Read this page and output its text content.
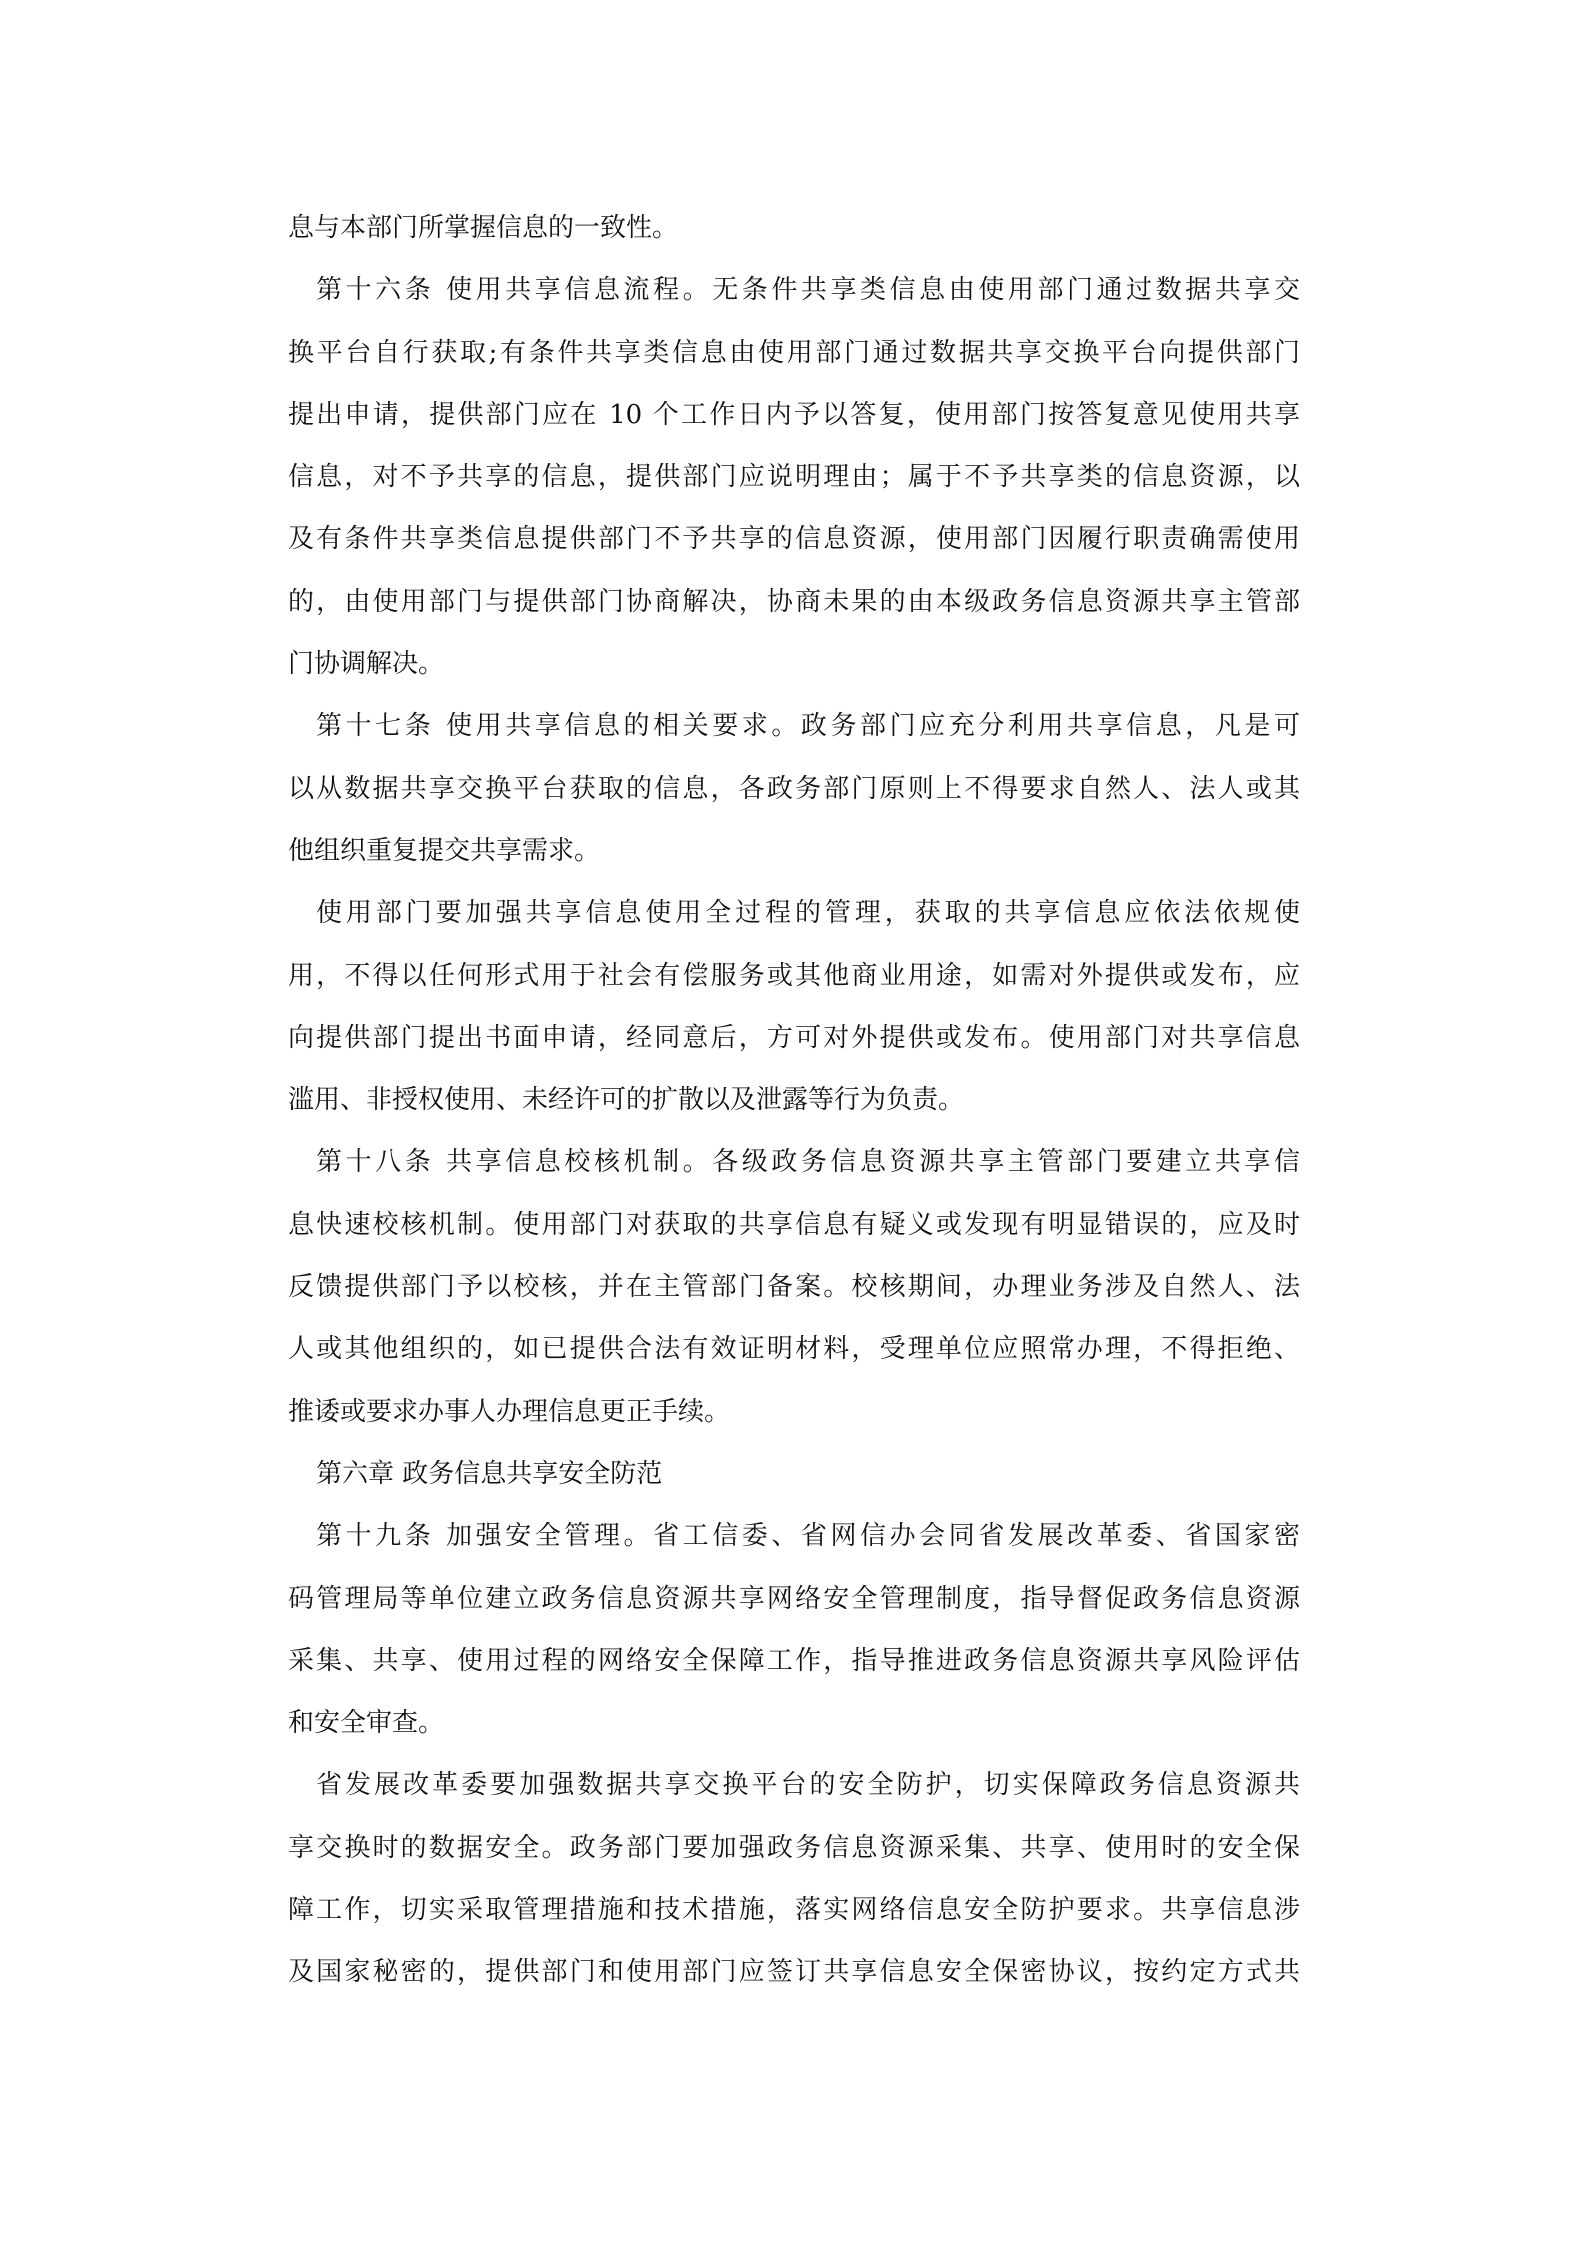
息与本部门所掌握信息的一致性。
第十六条 使用共享信息流程。无条件共享类信息由使用部门通过数据共享交
换平台自行获取;有条件共享类信息由使用部门通过数据共享交换平台向提供部门
提出申请，提供部门应在 10 个工作日内予以答复，使用部门按答复意见使用共享
信息，对不予共享的信息，提供部门应说明理由；属于不予共享类的信息资源，以
及有条件共享类信息提供部门不予共享的信息资源，使用部门因履行职责确需使用
的，由使用部门与提供部门协商解决，协商未果的由本级政务信息资源共享主管部
门协调解决。
第十七条 使用共享信息的相关要求。政务部门应充分利用共享信息，凡是可
以从数据共享交换平台获取的信息，各政务部门原则上不得要求自然人、法人或其
他组织重复提交共享需求。
使用部门要加强共享信息使用全过程的管理，获取的共享信息应依法依规使
用，不得以任何形式用于社会有偿服务或其他商业用途，如需对外提供或发布，应
向提供部门提出书面申请，经同意后，方可对外提供或发布。使用部门对共享信息
滥用、非授权使用、未经许可的扩散以及泄露等行为负责。
第十八条 共享信息校核机制。各级政务信息资源共享主管部门要建立共享信
息快速校核机制。使用部门对获取的共享信息有疑义或发现有明显错误的，应及时
反馈提供部门予以校核，并在主管部门备案。校核期间，办理业务涉及自然人、法
人或其他组织的，如已提供合法有效证明材料，受理单位应照常办理，不得拒绝、
推诿或要求办事人办理信息更正手续。
第六章 政务信息共享安全防范
第十九条 加强安全管理。省工信委、省网信办会同省发展改革委、省国家密
码管理局等单位建立政务信息资源共享网络安全管理制度，指导督促政务信息资源
采集、共享、使用过程的网络安全保障工作，指导推进政务信息资源共享风险评估
和安全审查。
省发展改革委要加强数据共享交换平台的安全防护，切实保障政务信息资源共
享交换时的数据安全。政务部门要加强政务信息资源采集、共享、使用时的安全保
障工作，切实采取管理措施和技术措施，落实网络信息安全防护要求。共享信息涉
及国家秘密的，提供部门和使用部门应签订共享信息安全保密协议，按约定方式共
